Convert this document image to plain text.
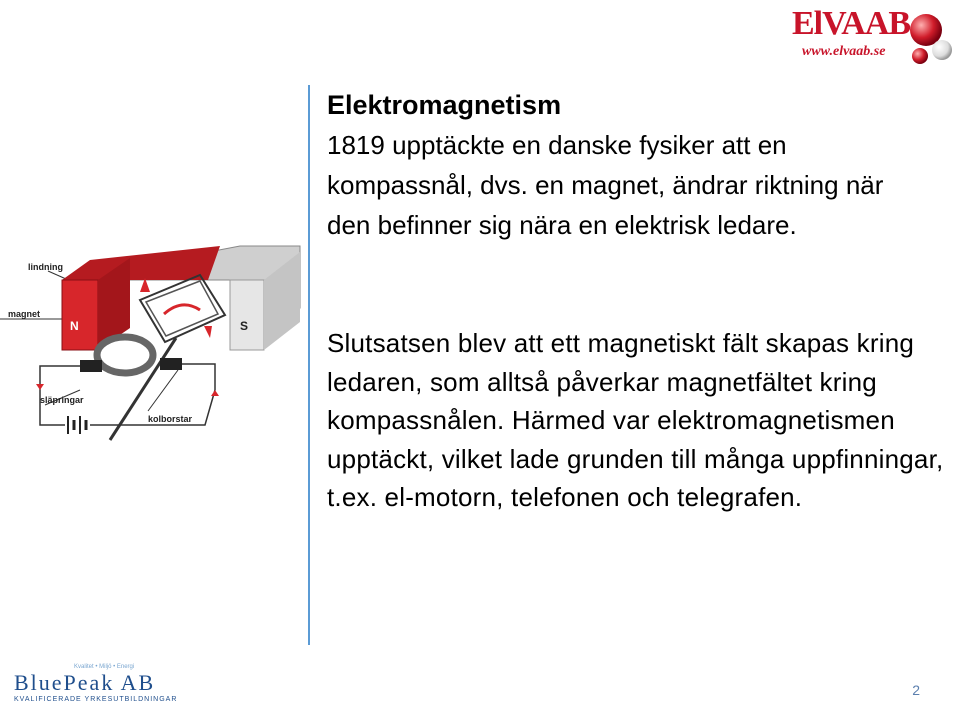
ElVAAB
www.elvaab.se
Elektromagnetism

1819 upptäckte en danske fysiker att en kompassnål, dvs. en magnet, ändrar riktning när den befinner sig nära en elektrisk ledare.

Slutsatsen blev att ett magnetiskt fält skapas kring ledaren, som alltså påverkar magnetfältet kring kompassnålen. Härmed var elektromagnetismen upptäckt, vilket lade grunden till många uppfinningar, t.ex. el-motorn, telefonen och telegrafen.

N	S
lindning
magnet
släpringar
kolborstar
Kvalitet • Miljö • Energi
BluePeak AB
KVALIFICERADE YRKESUTBILDNINGAR
2
